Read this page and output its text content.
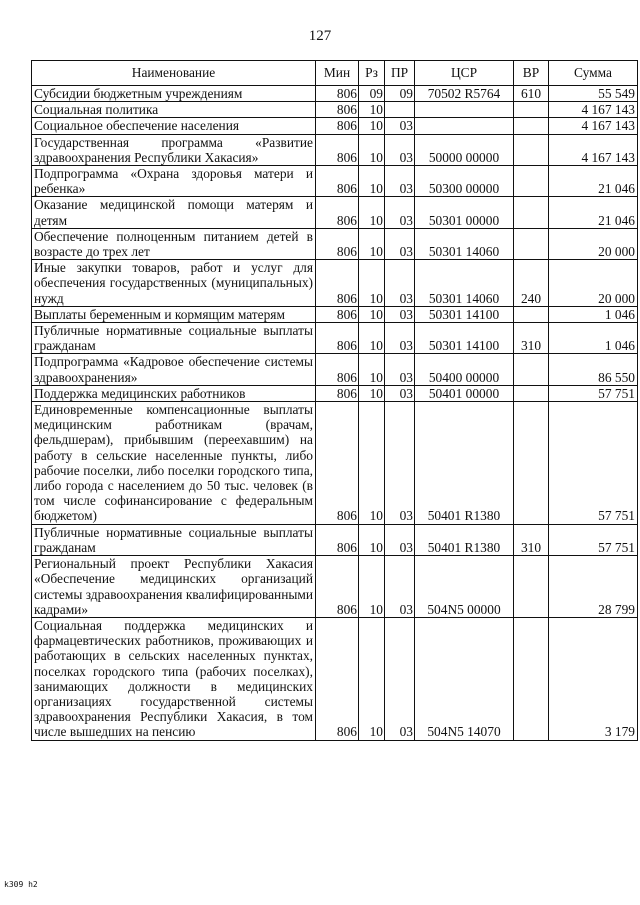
127
Наименование	Мин	Рз	ПР	ЦСР	ВР	Сумма
Субсидии бюджетным учреждениям	806	09	09	70502 R5764	610	55 549
Социальная политика	806	10				4 167 143
Социальное обеспечение населения	806	10	03			4 167 143
Государственная программа «Развитие здравоохранения Республики Хакасия»	806	10	03	50000 00000		4 167 143
Подпрограмма «Охрана здоровья матери и ребенка»	806	10	03	50300 00000		21 046
Оказание медицинской помощи матерям и детям	806	10	03	50301 00000		21 046
Обеспечение полноценным питанием детей в возрасте до трех лет	806	10	03	50301 14060		20 000
Иные закупки товаров, работ и услуг для обеспечения государственных (муниципальных) нужд	806	10	03	50301 14060	240	20 000
Выплаты беременным и кормящим матерям	806	10	03	50301 14100		1 046
Публичные нормативные социальные выплаты гражданам	806	10	03	50301 14100	310	1 046
Подпрограмма «Кадровое обеспечение системы здравоохранения»	806	10	03	50400 00000		86 550
Поддержка медицинских работников	806	10	03	50401 00000		57 751
Единовременные компенсационные выплаты медицинским работникам (врачам, фельдшерам), прибывшим (переехавшим) на работу в сельские населенные пункты, либо рабочие поселки, либо поселки городского типа, либо города с населением до 50 тыс. человек (в том числе софинансирование с федеральным бюджетом)	806	10	03	50401 R1380		57 751
Публичные нормативные социальные выплаты гражданам	806	10	03	50401 R1380	310	57 751
Региональный проект Республики Хакасия «Обеспечение медицинских организаций системы здравоохранения квалифицированными кадрами»	806	10	03	504N5 00000		28 799
Социальная поддержка медицинских и фармацевтических работников, проживающих и работающих в сельских населенных пунктах, поселках городского типа (рабочих поселках), занимающих должности в медицинских организациях государственной системы здравоохранения Республики Хакасия, в том числе вышедших на пенсию	806	10	03	504N5 14070		3 179
k309 h2
